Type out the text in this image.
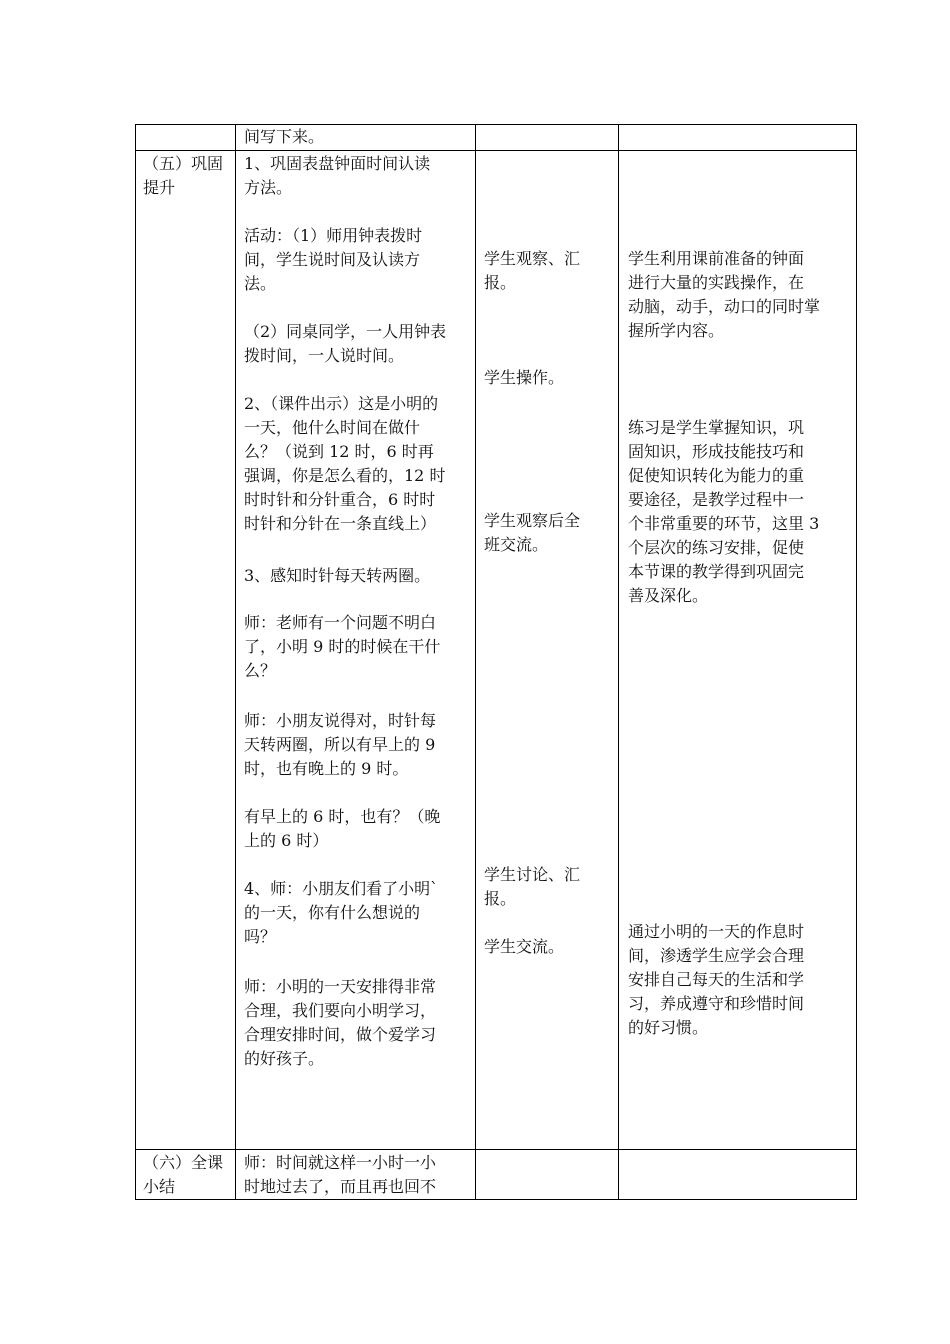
间写下来。
（五）巩固
提升
1、巩固表盘钟面时间认读
方法。
活动：（1）师用钟表拨时
间，学生说时间及认读方
法。
（2）同桌同学，一人用钟表
拨时间，一人说时间。
2、（课件出示）这是小明的
一天，他什么时间在做什
么？（说到 12 时，6 时再
强调，你是怎么看的，12 时
时时针和分针重合，6 时时
时针和分针在一条直线上）
3、感知时针每天转两圈。
师：老师有一个问题不明白
了，小明 9 时的时候在干什
么？
师：小朋友说得对，时针每
天转两圈，所以有早上的 9
时，也有晚上的 9 时。
有早上的 6 时，也有？（晚
上的 6 时）
4、师：小朋友们看了小明`
的一天，你有什么想说的
吗？
师：小明的一天安排得非常
合理，我们要向小明学习，
合理安排时间，做个爱学习
的好孩子。
学生观察、汇
报。
学生操作。
学生观察后全
班交流。
学生讨论、汇
报。
学生交流。
学生利用课前准备的钟面
进行大量的实践操作，在
动脑，动手，动口的同时掌
握所学内容。
练习是学生掌握知识，巩
固知识，形成技能技巧和
促使知识转化为能力的重
要途径，是教学过程中一
个非常重要的环节，这里 3
个层次的练习安排，促使
本节课的教学得到巩固完
善及深化。
通过小明的一天的作息时
间，渗透学生应学会合理
安排自己每天的生活和学
习，养成遵守和珍惜时间
的好习惯。
（六）全课
小结
师：时间就这样一小时一小
时地过去了，而且再也回不
